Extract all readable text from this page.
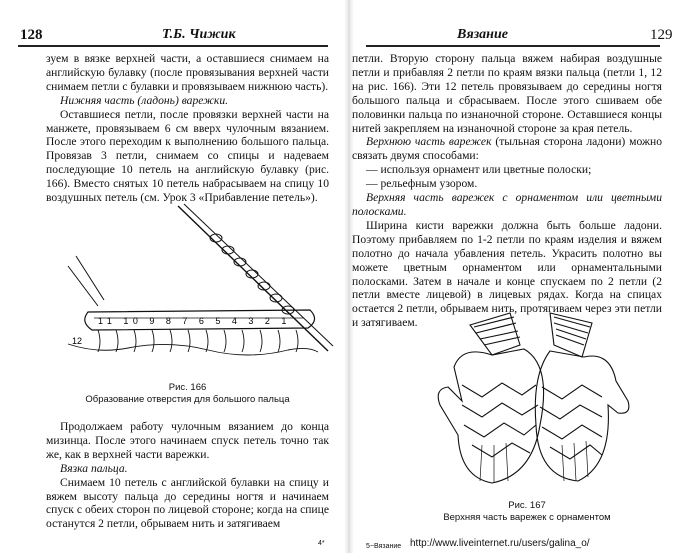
128	Т.Б. Чижик

зуем в вязке верхней части, а оставшиеся снимаем на английскую булавку (после провязывания верхней части снимаем петли с булавки и провязываем нижнюю часть).

Нижняя часть (ладонь) варежки.

Оставшиеся петли, после провязки верхней части на манжете, провязываем 6 см вверх чулочным вязанием. После этого переходим к выполнению большого пальца. Провязав 3 петли, снимаем со спицы и надеваем последующие 10 петель на английскую булавку (рис. 166). Вместо снятых 10 петель набрасываем на спицу 10 воздушных петель (см. Урок 3 «Прибавление петель»).

11 10 9 8 7 6 5 4 3 2 1
12
Рис. 166
Образование отверстия для большого пальца

Продолжаем работу чулочным вязанием до конца мизинца. После этого начинаем спуск петель точно так же, как в верхней части варежки.

Вязка пальца.

Снимаем 10 петель с английской булавки на спицу и вяжем высоту пальца до середины ногтя и начинаем спуск с обеих сторон по лицевой стороне; когда на спице останутся 2 петли, обрываем нить и затягиваем

4*
Вязание	129

петли. Вторую сторону пальца вяжем набирая воздушные петли и прибавляя 2 петли по краям вязки пальца (петли 1, 12 на рис. 166). Эти 12 петель провязываем до середины ногтя большого пальца и сбрасываем. После этого сшиваем обе половинки пальца по изнаночной стороне. Оставшиеся концы нитей закрепляем на изнаночной стороне за края петель.

Верхнюю часть варежек (тыльная сторона ладони) можно связать двумя способами:

— используя орнамент или цветные полоски;

— рельефным узором.

Верхняя часть варежек с орнаментом или цветными полосками.

Ширина кисти варежки должна быть больше ладони. Поэтому прибавляем по 1-2 петли по краям изделия и вяжем полотно до начала убавления петель. Украсить полотно вы можете цветным орнаментом или орнаментальными полосками. Затем в начале и конце спускаем по 2 петли (2 петли вместе лицевой) в лицевых рядах. Когда на спицах остается 2 петли, обрываем нить, протягиваем через эти петли и затягиваем.

Рис. 167
Верхняя часть варежек с орнаментом
5−Вязание http://www.liveinternet.ru/users/galina_o/
